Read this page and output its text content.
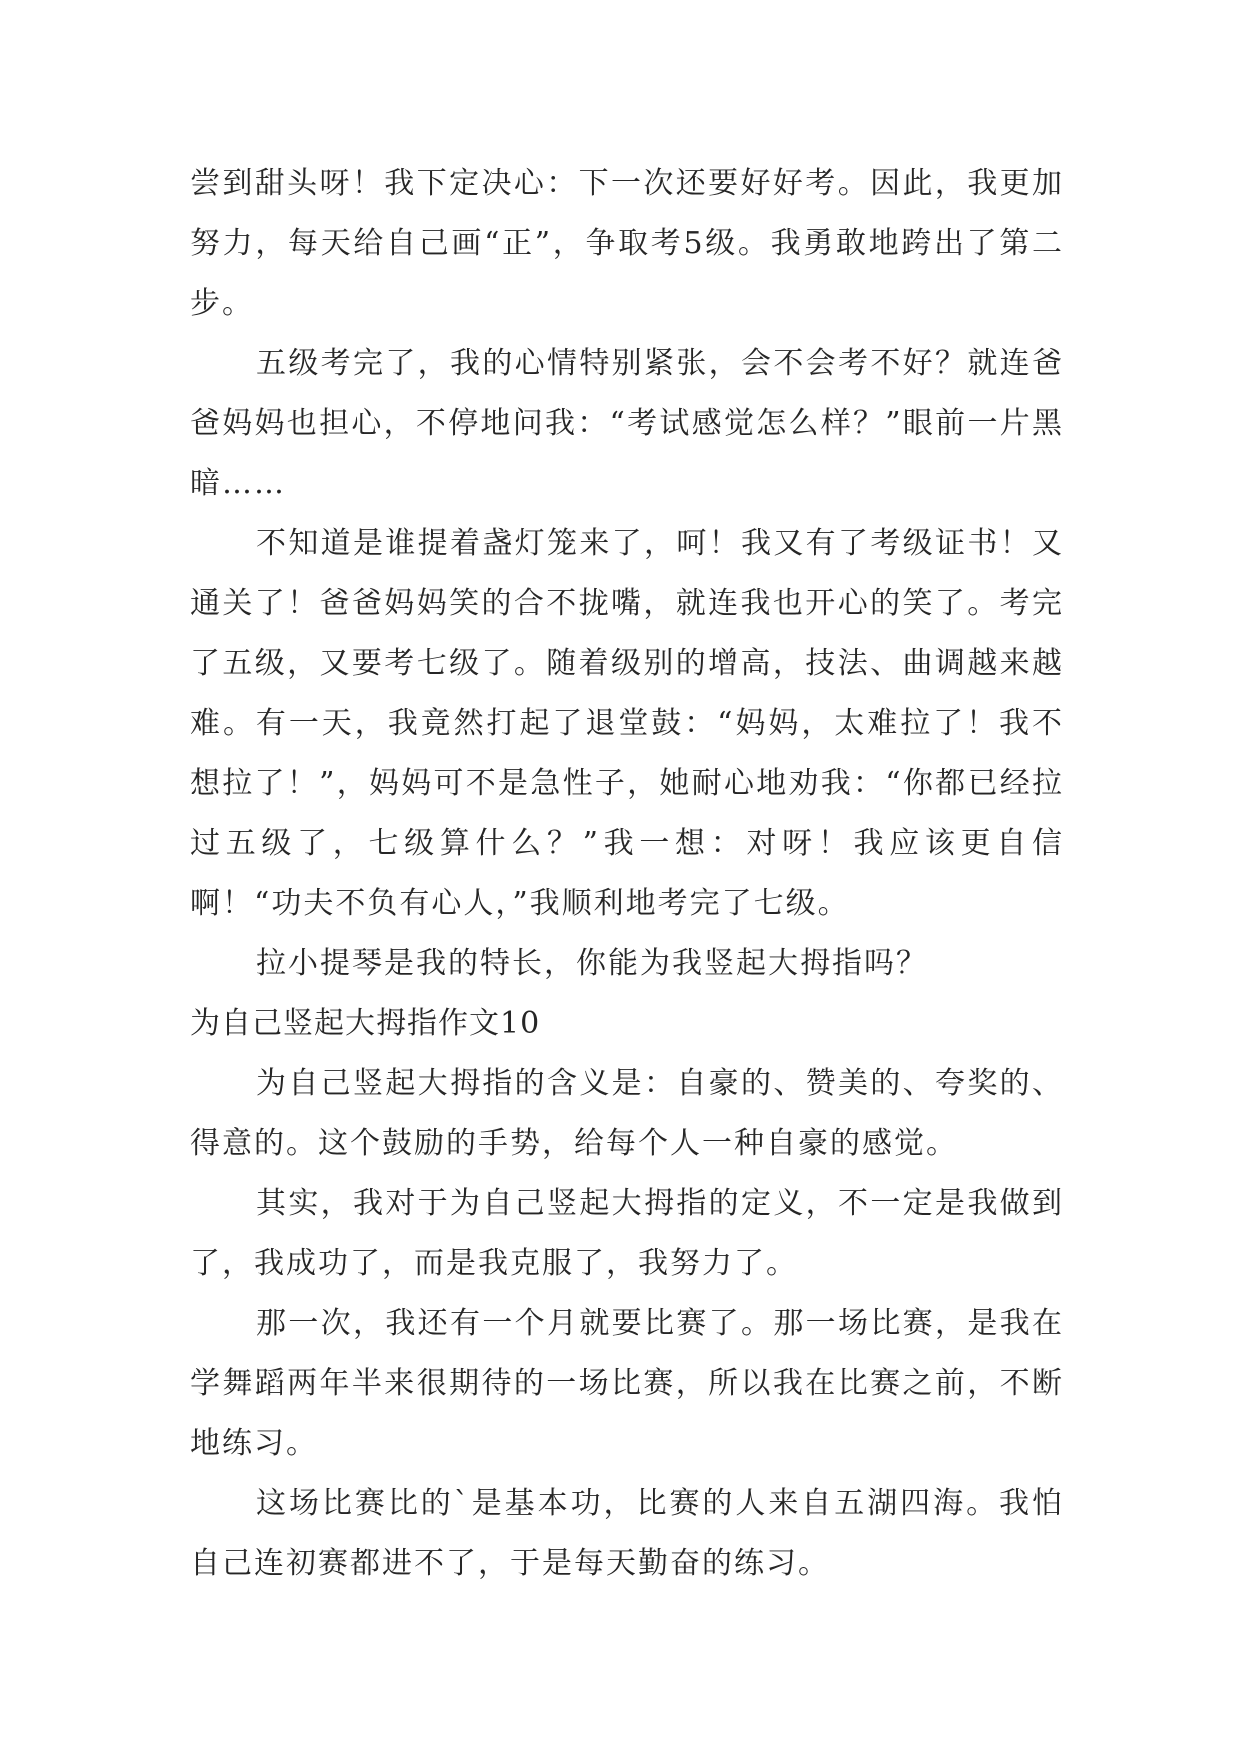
尝到甜头呀！我下定决心：下一次还要好好考。因此，我更加努力，每天给自己画“正”，争取考5级。我勇敢地跨出了第二步。

五级考完了，我的心情特别紧张，会不会考不好？就连爸爸妈妈也担心，不停地问我：“考试感觉怎么样？”眼前一片黑暗……

不知道是谁提着盏灯笼来了，呵！我又有了考级证书！又通关了！爸爸妈妈笑的合不拢嘴，就连我也开心的笑了。考完了五级，又要考七级了。随着级别的增高，技法、曲调越来越难。有一天，我竟然打起了退堂鼓：“妈妈，太难拉了！我不想拉了！”，妈妈可不是急性子，她耐心地劝我：“你都已经拉过五级了，七级算什么？”我一想：对呀！我应该更自信啊！“功夫不负有心人，”我顺利地考完了七级。

拉小提琴是我的特长，你能为我竖起大拇指吗？

为自己竖起大拇指作文10

为自己竖起大拇指的含义是：自豪的、赞美的、夸奖的、得意的。这个鼓励的手势，给每个人一种自豪的感觉。

其实，我对于为自己竖起大拇指的定义，不一定是我做到了，我成功了，而是我克服了，我努力了。

那一次，我还有一个月就要比赛了。那一场比赛，是我在学舞蹈两年半来很期待的一场比赛，所以我在比赛之前，不断地练习。

这场比赛比的`是基本功，比赛的人来自五湖四海。我怕自己连初赛都进不了，于是每天勤奋的练习。
